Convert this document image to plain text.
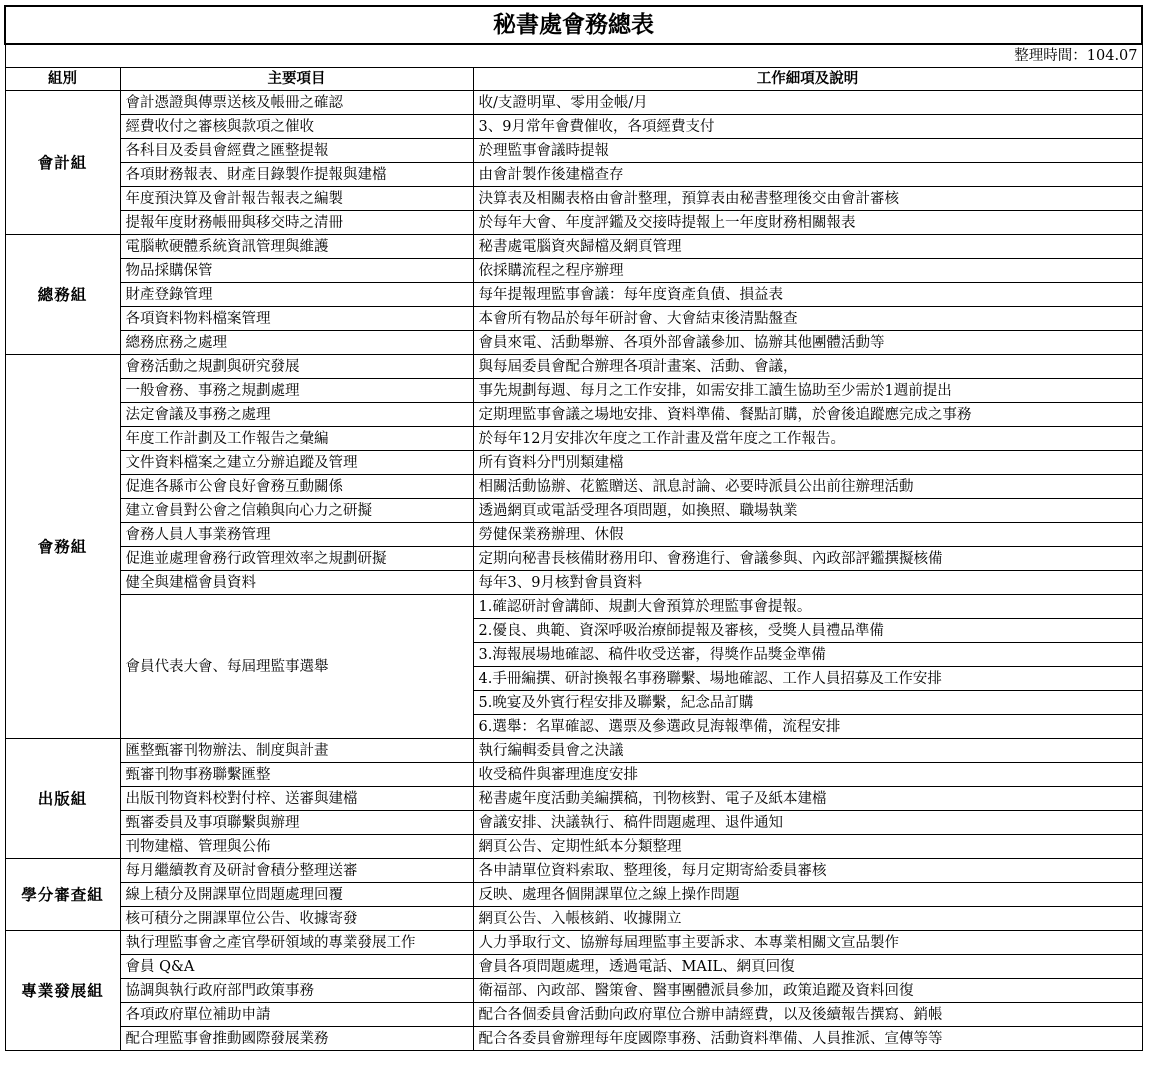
秘書處會務總表		
整理時間：104.07		
組別	主要項目	工作細項及說明
會計組	會計憑證與傳票送核及帳冊之確認	收/支證明單、零用金帳/月
	經費收付之審核與款項之催收	3、9月常年會費催收，各項經費支付
	各科目及委員會經費之匯整提報	於理監事會議時提報
	各項財務報表、財產目錄製作提報與建檔	由會計製作後建檔查存
	年度預決算及會計報告報表之編製	決算表及相關表格由會計整理，預算表由秘書整理後交由會計審核
	提報年度財務帳冊與移交時之清冊	於每年大會、年度評鑑及交接時提報上一年度財務相關報表
總務組	電腦軟硬體系統資訊管理與維護	秘書處電腦資夾歸檔及網頁管理
	物品採購保管	依採購流程之程序辦理
	財產登錄管理	每年提報理監事會議：每年度資產負債、損益表
	各項資料物料檔案管理	本會所有物品於每年研討會、大會結束後清點盤查
	總務庶務之處理	會員來電、活動舉辦、各項外部會議參加、協辦其他團體活動等
會務組	會務活動之規劃與研究發展	與每屆委員會配合辦理各項計畫案、活動、會議，
	一般會務、事務之規劃處理	事先規劃每週、每月之工作安排，如需安排工讀生協助至少需於1週前提出
	法定會議及事務之處理	定期理監事會議之場地安排、資料準備、餐點訂購，於會後追蹤應完成之事務
	年度工作計劃及工作報告之彙編	於每年12月安排次年度之工作計畫及當年度之工作報告。
	文件資料檔案之建立分辦追蹤及管理	所有資料分門別類建檔
	促進各縣市公會良好會務互動關係	相關活動協辦、花籃贈送、訊息討論、必要時派員公出前往辦理活動
	建立會員對公會之信賴與向心力之研擬	透過網頁或電話受理各項問題，如換照、職場執業
	會務人員人事業務管理	勞健保業務辦理、休假
	促進並處理會務行政管理效率之規劃研擬	定期向秘書長核備財務用印、會務進行、會議參與、內政部評鑑撰擬核備
	健全與建檔會員資料	每年3、9月核對會員資料
	會員代表大會、每屆理監事選舉	1.確認研討會講師、規劃大會預算於理監事會提報。
		2.優良、典範、資深呼吸治療師提報及審核，受獎人員禮品準備
		3.海報展場地確認、稿件收受送審，得獎作品獎金準備
		4.手冊編撰、研討換報名事務聯繫、場地確認、工作人員招募及工作安排
		5.晚宴及外賓行程安排及聯繫，紀念品訂購
		6.選舉：名單確認、選票及參選政見海報準備，流程安排
出版組	匯整甄審刊物辦法、制度與計畫	執行編輯委員會之決議
	甄審刊物事務聯繫匯整	收受稿件與審理進度安排
	出版刊物資料校對付梓、送審與建檔	秘書處年度活動美編撰稿，刊物核對、電子及紙本建檔
	甄審委員及事項聯繫與辦理	會議安排、決議執行、稿件問題處理、退件通知
	刊物建檔、管理與公佈	網頁公告、定期性紙本分類整理
學分審查組	每月繼續教育及研討會積分整理送審	各申請單位資料索取、整理後，每月定期寄給委員審核
	線上積分及開課單位問題處理回覆	反映、處理各個開課單位之線上操作問題
	核可積分之開課單位公告、收據寄發	網頁公告、入帳核銷、收據開立
專業發展組	執行理監事會之產官學研領域的專業發展工作	人力爭取行文、協辦每屆理監事主要訴求、本專業相關文宣品製作
	會員 Q&A	會員各項問題處理，透過電話、MAIL、網頁回復
	協調與執行政府部門政策事務	衛福部、內政部、醫策會、醫事團體派員參加，政策追蹤及資料回復
	各項政府單位補助申請	配合各個委員會活動向政府單位合辦申請經費，以及後續報告撰寫、銷帳
	配合理監事會推動國際發展業務	配合各委員會辦理每年度國際事務、活動資料準備、人員推派、宣傳等等
